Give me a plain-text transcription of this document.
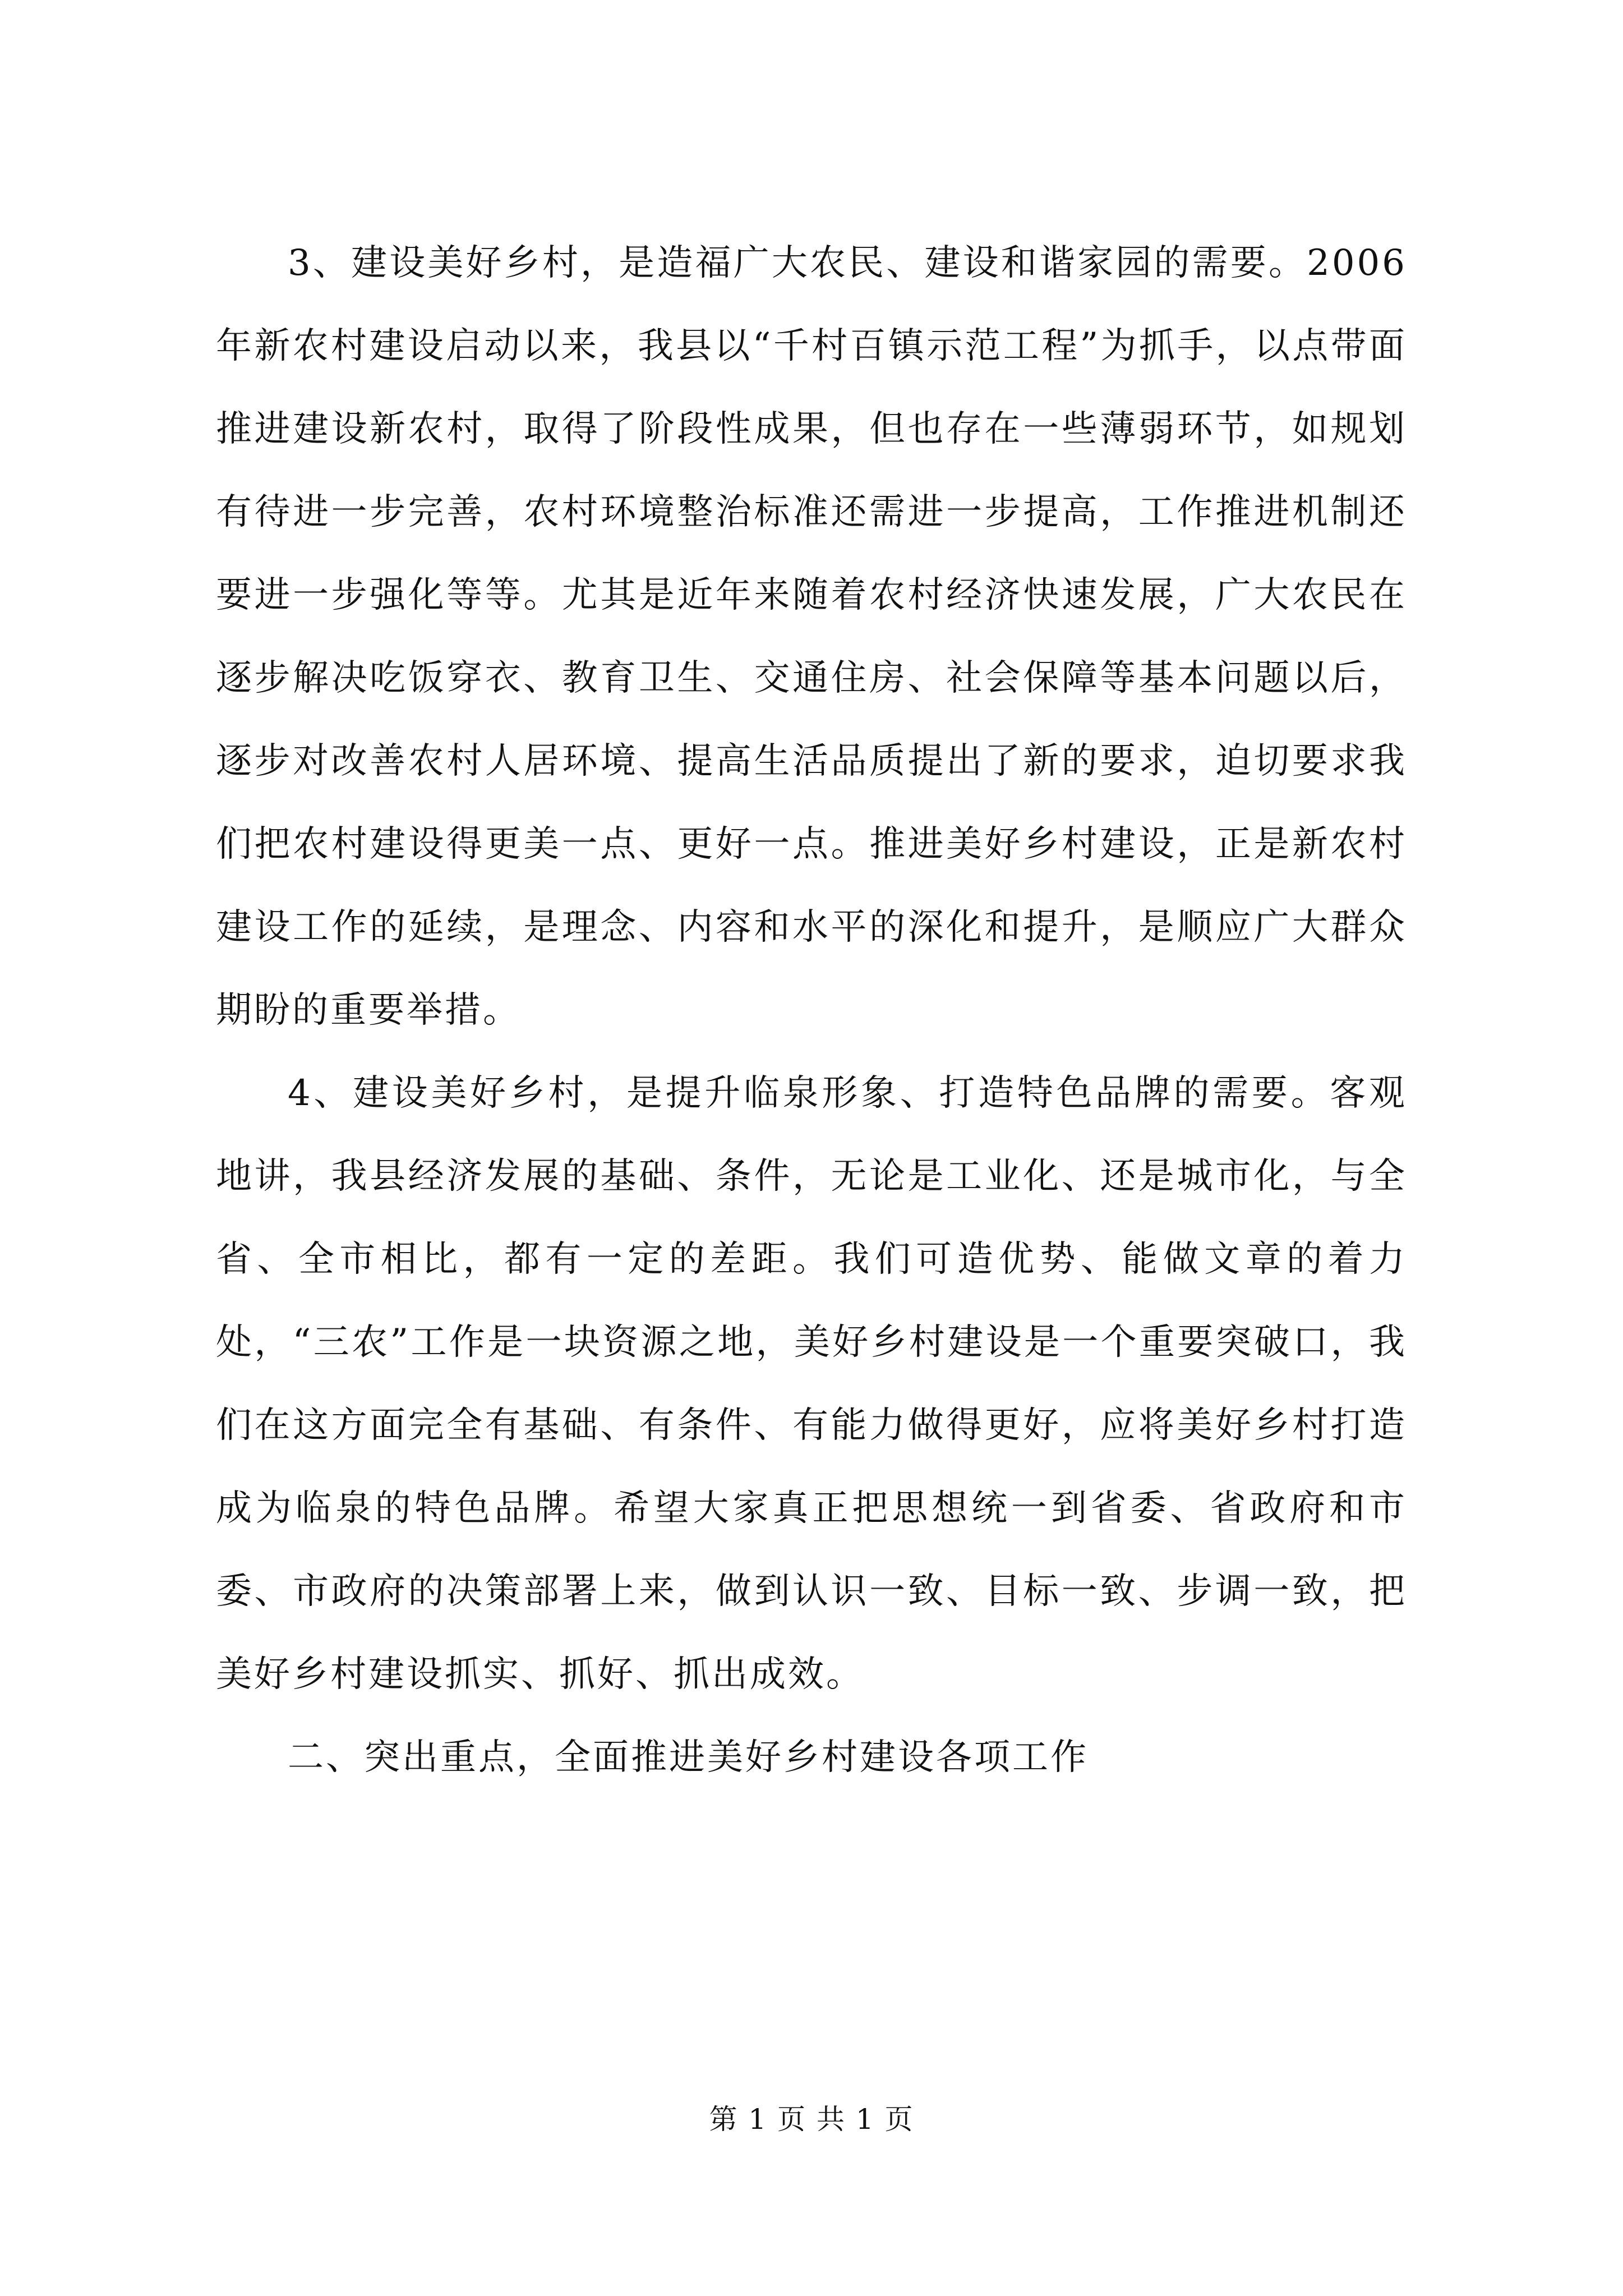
3、建设美好乡村，是造福广大农民、建设和谐家园的需要。2006年新农村建设启动以来，我县以“千村百镇示范工程”为抓手，以点带面推进建设新农村，取得了阶段性成果，但也存在一些薄弱环节，如规划有待进一步完善，农村环境整治标准还需进一步提高，工作推进机制还要进一步强化等等。尤其是近年来随着农村经济快速发展，广大农民在逐步解决吃饭穿衣、教育卫生、交通住房、社会保障等基本问题以后，逐步对改善农村人居环境、提高生活品质提出了新的要求，迫切要求我们把农村建设得更美一点、更好一点。推进美好乡村建设，正是新农村建设工作的延续，是理念、内容和水平的深化和提升，是顺应广大群众期盼的重要举措。

4、建设美好乡村，是提升临泉形象、打造特色品牌的需要。客观地讲，我县经济发展的基础、条件，无论是工业化、还是城市化，与全省、全市相比，都有一定的差距。我们可造优势、能做文章的着力处，“三农”工作是一块资源之地，美好乡村建设是一个重要突破口，我们在这方面完全有基础、有条件、有能力做得更好，应将美好乡村打造成为临泉的特色品牌。希望大家真正把思想统一到省委、省政府和市委、市政府的决策部署上来，做到认识一致、目标一致、步调一致，把美好乡村建设抓实、抓好、抓出成效。

二、突出重点，全面推进美好乡村建设各项工作

第 1 页 共 1 页
